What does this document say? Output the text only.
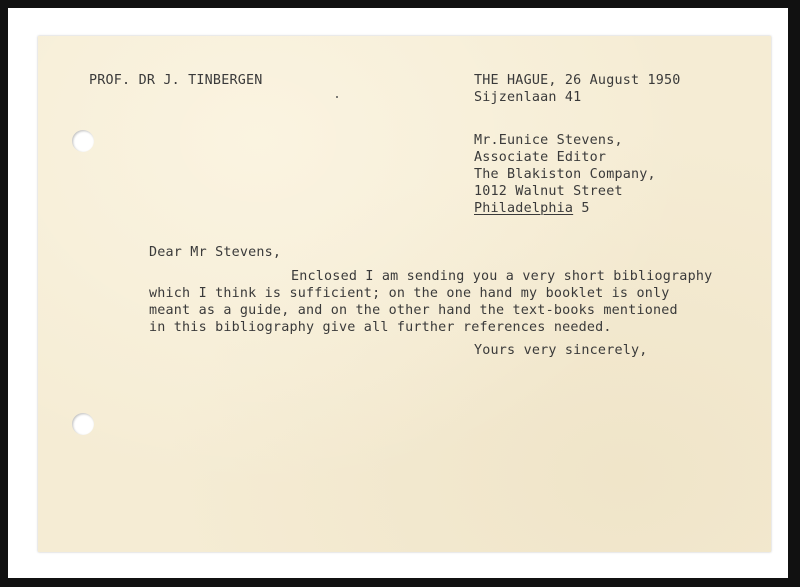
PROF. DR J. TINBERGEN	THE HAGUE, 26 August 1950

Sijzenlaan 41

Mr.Eunice Stevens,

Associate Editor

The Blakiston Company,

1012 Walnut Street

Philadelphia 5

Dear Mr Stevens,

Enclosed I am sending you a very short bibliography

which I think is sufficient; on the one hand my booklet is only

meant as a guide, and on the other hand the text-books mentioned

in this bibliography give all further references needed.

Yours very sincerely,
